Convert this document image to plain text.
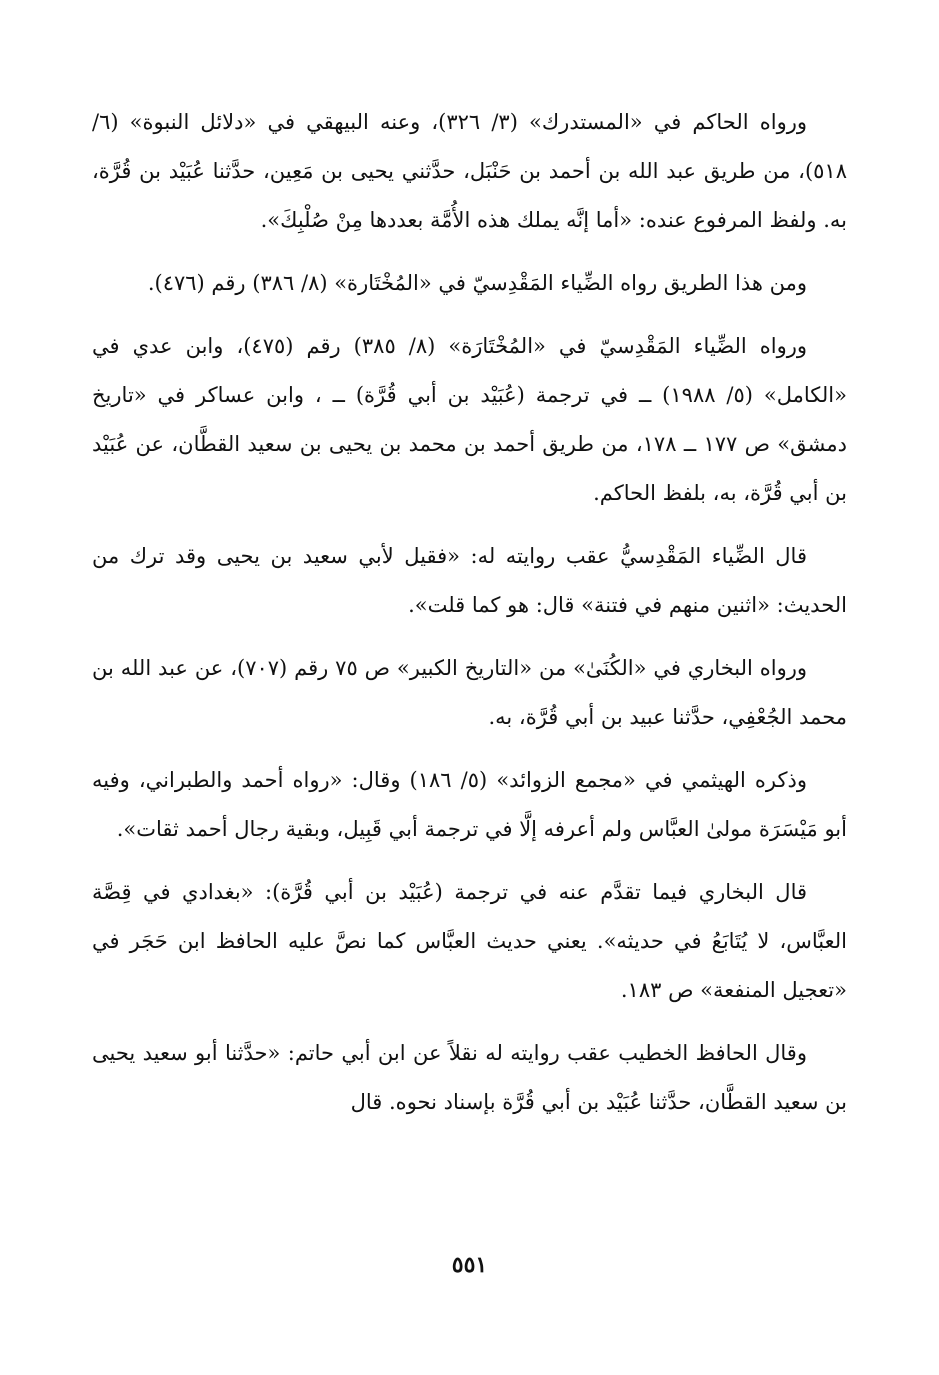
ورواه الحاكم في «المستدرك» (٣/ ٣٢٦)، وعنه البيهقي في «دلائل النبوة» (٦/ ٥١٨)، من طريق عبد الله بن أحمد بن حَنْبَل، حدَّثني يحيى بن مَعِين، حدَّثنا عُبَيْد بن قُرَّة، به. ولفظ المرفوع عنده: «أما إنَّه يملك هذه الأُمَّة بعددها مِنْ صُلْبِكَ».

ومن هذا الطريق رواه الضِّياء المَقْدِسيّ في «المُخْتَارة» (٨/ ٣٨٦) رقم (٤٧٦).

ورواه الضِّياء المَقْدِسيّ في «المُخْتَارَة» (٨/ ٣٨٥) رقم (٤٧٥)، وابن عدي في «الكامل» (٥/ ١٩٨٨) ــ في ترجمة (عُبَيْد بن أبي قُرَّة) ــ ، وابن عساكر في «تاريخ دمشق» ص ١٧٧ ــ ١٧٨، من طريق أحمد بن محمد بن يحيى بن سعيد القطَّان، عن عُبَيْد بن أبي قُرَّة، به، بلفظ الحاكم.

قال الضِّياء المَقْدِسيُّ عقب روايته له: «فقيل لأبي سعيد بن يحيى وقد ترك من الحديث: «اثنين منهم في فتنة» قال: هو كما قلت».

ورواه البخاري في «الكُنَىٰ» من «التاريخ الكبير» ص ٧٥ رقم (٧٠٧)، عن عبد الله بن محمد الجُعْفِي، حدَّثنا عبيد بن أبي قُرَّة، به.

وذكره الهيثمي في «مجمع الزوائد» (٥/ ١٨٦) وقال: «رواه أحمد والطبراني، وفيه أبو مَيْسَرَة مولىٰ العبَّاس ولم أعرفه إلَّا في ترجمة أبي قَبِيل، وبقية رجال أحمد ثقات».

قال البخاري فيما تقدَّم عنه في ترجمة (عُبَيْد بن أبي قُرَّة): «بغدادي في قِصَّة العبَّاس، لا يُتَابَعُ في حديثه». يعني حديث العبَّاس كما نصَّ عليه الحافظ ابن حَجَر في «تعجيل المنفعة» ص ١٨٣.

وقال الحافظ الخطيب عقب روايته له نقلاً عن ابن أبي حاتم: «حدَّثنا أبو سعيد يحيى بن سعيد القطَّان، حدَّثنا عُبَيْد بن أبي قُرَّة بإسناد نحوه. قال

٥٥١
